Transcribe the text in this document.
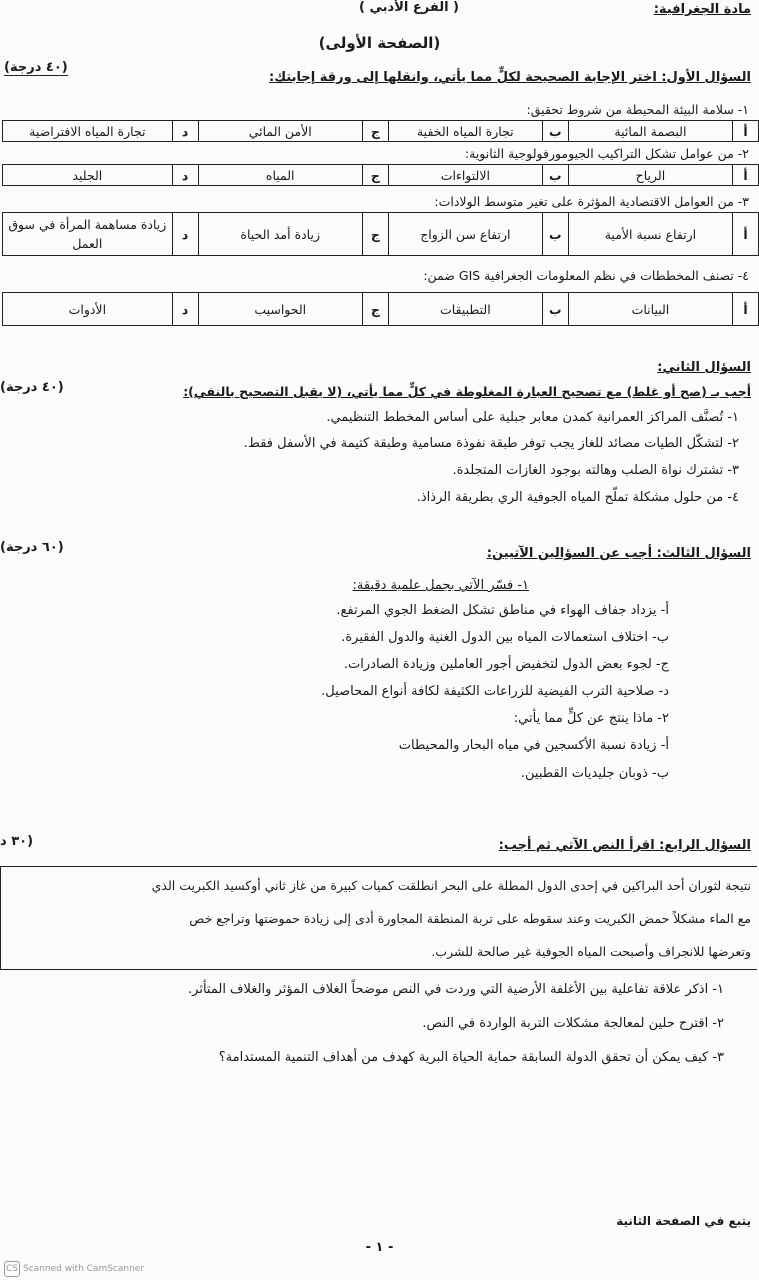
مادة الجغرافية:
( الفرع الأدبي )
(الصفحة الأولى)
(٤٠ درجة)
السؤال الأول: اختر الإجابة الصحيحة لكلٍّ مما يأتي، وانقلها إلى ورقة إجابتك:
١- سلامة البيئة المحيطة من شروط تحقيق:
أ	البصمة المائية	ب	تجارة المياه الخفية	ج	الأمن المائي	د	تجارة المياه الافتراضية
٢- من عوامل تشكل التراكيب الجيومورفولوجية الثانوية:
أ	الرياح	ب	الالتواءات	ج	المياه	د	الجليد
٣- من العوامل الاقتصادية المؤثرة على تغير متوسط الولادات:
أ	ارتفاع نسبة الأمية	ب	ارتفاع سن الزواج	ج	زيادة أمد الحياة	د	زيادة مساهمة المرأة في سوق العمل
٤- تصنف المخططات في نظم المعلومات الجغرافية GIS ضمن:
أ	البيانات	ب	التطبيقات	ج	الحواسيب	د	الأدوات
السؤال الثاني:
(٤٠ درجة)	أجب بـ (صح أو غلط) مع تصحيح العبارة المغلوطة في كلٍّ مما يأتي، (لا يقبل التصحيح بالنفي):
١- تُصنَّف المراكز العمرانية كمدن معابر جبلية على أساس المخطط التنظيمي.
٢- لتشكّل الطيات مصائد للغاز يجب توفر طبقة نفوذة مسامية وطبقة كتيمة في الأسفل فقط.
٣- تشترك نواة الصلب وهالته بوجود الغازات المتجلدة.
٤- من حلول مشكلة تملّح المياه الجوفية الري بطريقة الرذاذ.
(٦٠ درجة)	السؤال الثالث: أجب عن السؤالين الآتيين:
١- فسّر الآتي بجمل علمية دقيقة:
أ- يزداد جفاف الهواء في مناطق تشكل الضغط الجوي المرتفع.
ب- اختلاف استعمالات المياه بين الدول الغنية والدول الفقيرة.
ج- لجوء بعض الدول لتخفيض أجور العاملين وزيادة الصادرات.
د- صلاحية الترب الفيضية للزراعات الكثيفة لكافة أنواع المحاصيل.
٢- ماذا ينتج عن كلٍّ مما يأتي:
أ- زيادة نسبة الأكسجين في مياه البحار والمحيطات
ب- ذوبان جليديات القطبين.
(٣٠ د	السؤال الرابع: اقرأ النص الآتي ثم أجب:

نتيجة لثوران أحد البراكين في إحدى الدول المطلة على البحر انطلقت كميات كبيرة من غاز ثاني أوكسيد الكبريت الذي

مع الماء مشكلاً حمض الكبريت وعند سقوطه على تربة المنطقة المجاورة أدى إلى زيادة حموضتها وتراجع خص

وتعرضها للانجراف وأصبحت المياه الجوفية غير صالحة للشرب.

١- اذكر علاقة تفاعلية بين الأغلفة الأرضية التي وردت في النص موضحاً الغلاف المؤثر والغلاف المتأثر.
٢- اقترح حلين لمعالجة مشكلات التربة الواردة في النص.
٣- كيف يمكن أن تحقق الدولة السابقة حماية الحياة البرية كهدف من أهداف التنمية المستدامة؟
يتبع في الصفحة الثانية
- ١ -
CS Scanned with CamScanner
